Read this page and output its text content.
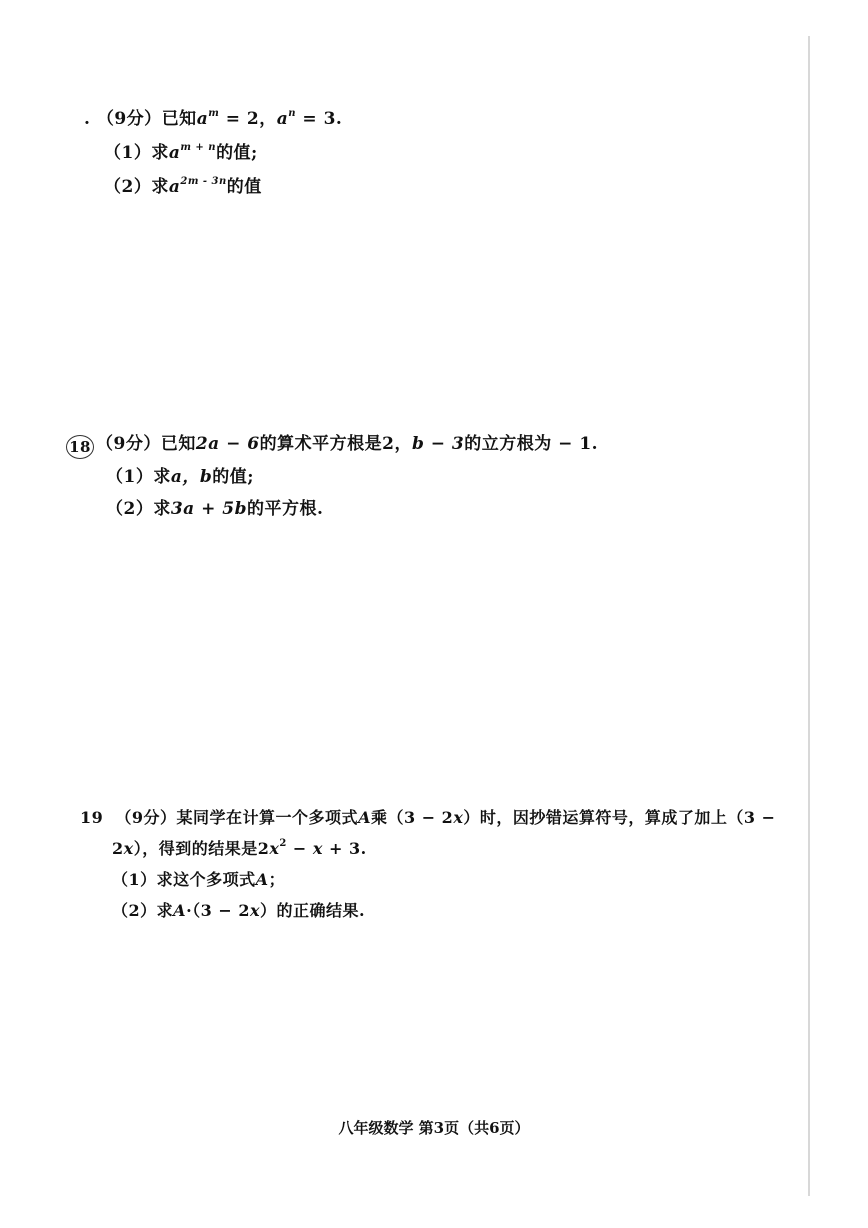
. （9分）已知$a^m = 2$，$a^n = 3$.
（1）求$a^{m + n}$的值;
（2）求$a^{2m - 3n}$的值
18 （9分）已知2a − 6的算术平方根是2，b − 3的立方根为 − 1.
（1）求a，b的值;
（2）求3a + 5b的平方根.
19 （9分）某同学在计算一个多项式A乘（3 − 2x）时，因抄错运算符号，算成了加上（3 −
2x），得到的结果是$2x^2 - x + 3$.
（1）求这个多项式A；
（2）求A·（3 − 2x）的正确结果.
八年级数学 第3页（共6页）
